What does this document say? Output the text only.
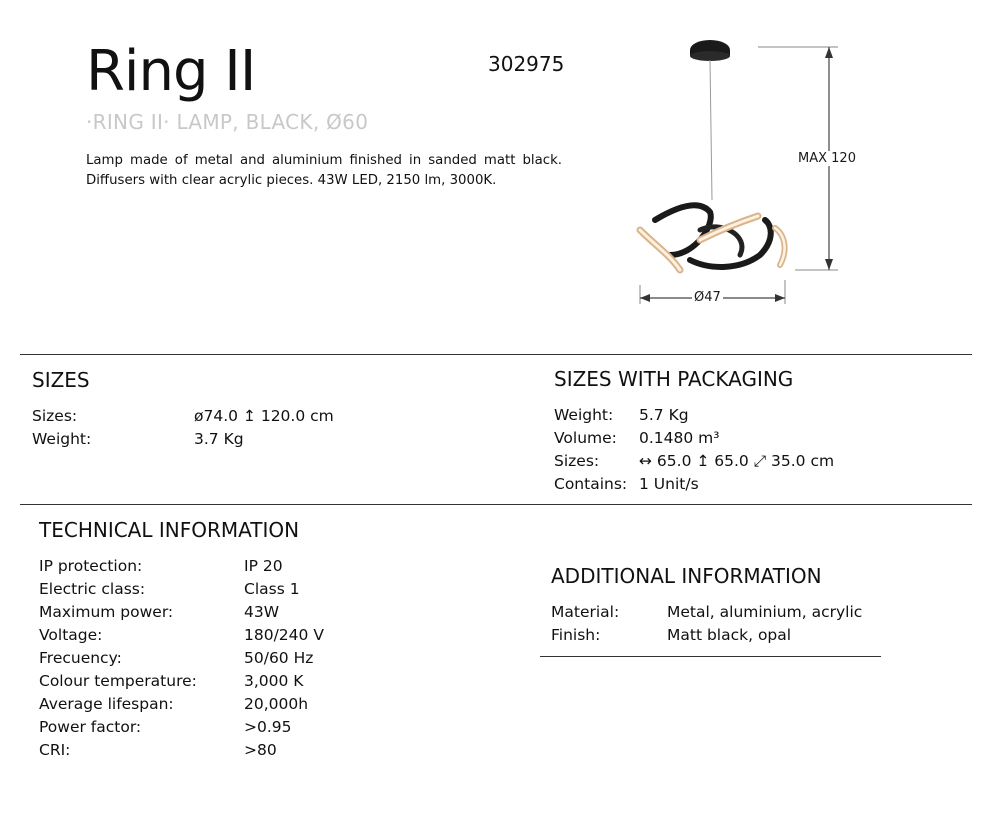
Ring II	302975
·RING II· LAMP, BLACK, Ø60
Lamp made of metal and aluminium finished in sanded matt black. Diffusers with clear acrylic pieces. 43W LED, 2150 lm, 3000K.
MAX 120
Ø47
SIZES
Sizes:	ø74.0 ↥ 120.0 cm
Weight:	3.7 Kg
SIZES WITH PACKAGING
Weight: 5.7 Kg
Volume: 0.1480 m³
Sizes:	↔ 65.0 ↥ 65.0 ⤢ 35.0 cm
Contains: 1 Unit/s
TECHNICAL INFORMATION
IP protection:	IP 20
Electric class:	Class 1
Maximum power:	43W
Voltage:	180/240 V
Frecuency:	50/60 Hz
Colour temperature:	3,000 K
Average lifespan:	20,000h
Power factor:	>0.95
CRI:	>80
ADDITIONAL INFORMATION
Material:	Metal, aluminium, acrylic
Finish:	Matt black, opal
